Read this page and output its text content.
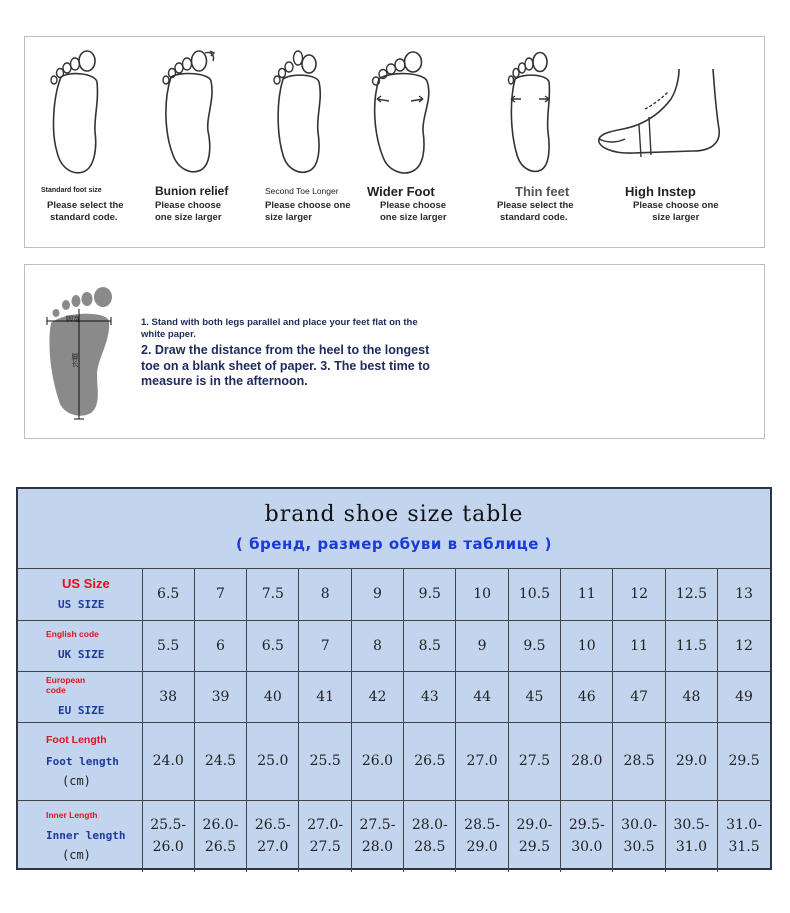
Standard foot size
Please select the
standard code.
Bunion relief
Please choose
one size larger
Second Toe Longer
Please choose one
size larger
Wider Foot
Please choose
one size larger
Thin feet
Please select the
standard code.
High Instep
Please choose one
size larger
脚宽
脚长
1. Stand with both legs parallel and place your feet flat on the white paper.
2. Draw the distance from the heel to the longest toe on a blank sheet of paper. 3. The best time to measure is in the afternoon.
brand shoe size table
( бренд, размер обуви в таблице )
US Size
US SIZE	6.5	7	7.5	8	9	9.5	10	10.5	11	12	12.5	13

English code
UK SIZE	5.5	6	6.5	7	8	8.5	9	9.5	10	11	11.5	12

European code
EU SIZE	38	39	40	41	42	43	44	45	46	47	48	49

Foot Length
Foot length
(cm)	24.0	24.5	25.0	25.5	26.0	26.5	27.0	27.5	28.0	28.5	29.0	29.5

Inner Length
Inner length
(cm)	25.5-
26.0	26.0-
26.5	26.5-
27.0	27.0-
27.5	27.5-
28.0	28.0-
28.5	28.5-
29.0	29.0-
29.5	29.5-
30.0	30.0-
30.5	30.5-
31.0	31.0-
31.5
